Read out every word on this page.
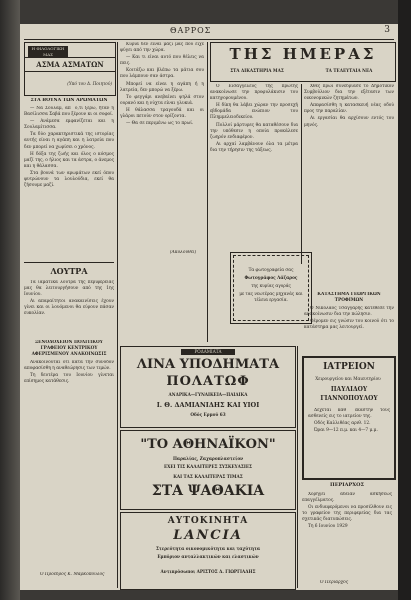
ΘΑΡΡΟΣ	3
Η ΦΙΛΟΛΟΓΙΚΗ ΜΑΣ
ΑΣΜΑ ΑΣΜΑΤΩΝ
(Υπό του Δ. Ποιητού)
ΣΤΑ ΒΟΥΝΑ ΤΩΝ ΑΡΩΜΑΤΩΝ

— Να Σουλάμ, απ᾽ ό,τι ξέρω, ήταν η Βασίλισσα Σαβά που ξέρουν κι οι σοφοί.

— Ανάμεσα εμφανίζεται και η Σουλαμίτισσα.

Τα δύο χαρακτηριστικά της ιστορίας αυτής είναι η αγάπη και η λατρεία που δεν μπορεί να χωρίσει ο χρόνος.

Η δόξα της ζωής και όλος ο κόσμος μαζί της, ο ήλιος και τα άστρα, ο άνεμος και η θάλασσα.

Στα βουνά των αρωμάτων εκεί όπου φυτρώνουν τα λουλούδια, εκεί θα ζήσουμε μαζί.

Κυρία δεν είναι μαζί μας που είχε φύγει από την χώρα.

— Και τι είναι αυτό που θέλεις να πεις.

Κοιτάζω και βλέπω τα μάτια σου που λάμπουν σαν άστρα.

Μπορεί να είναι η αγάπη ή η λατρεία, δεν μπορώ να ξέρω.

Το φεγγάρι ανεβαίνει ψηλά στον ουρανό και η νύχτα είναι γλυκιά.

Η θάλασσα τραγουδά και οι γλάροι πετούν στον ορίζοντα.

— Θα σε περιμένω ως το πρωί.

(Ακολουθεί)
ΤΗΣ ΗΜΕΡΑΣ
ΣΤΑ ΔΙΚΑΣΤΗΡΙΑ ΜΑΣ	ΤΑ ΤΕΛΕΥΤΑΙΑ ΝΕΑ

Ο Εισαγγελεύς της πρώτης ανακοίνωσε την προφυλάκισιν του κατηγορουμένου.

Η δίκη θα λάβει χώραν την προσεχή εβδομάδα ενώπιον του Πλημμελειοδικείου.

Πολλοί μάρτυρες θα καταθέσουν δια την υπόθεσιν η οποία προκάλεσε ζωηρόν ενδιαφέρον.

Αι αρχαί λαμβάνουν όλα τα μέτρα δια την τήρησιν της τάξεως.

Χθες πρωί συνεδρίασε το Δημοτικόν Συμβούλιον δια την εξέτασιν των οικονομικών ζητημάτων.

Απεφασίσθη η κατασκευή νέας οδού προς την παραλίαν.

Αι εργασίαι θα αρχίσουν εντός του μηνός.

Τα φωτογραφεία σας
Φωτογράφος Λάζαρος
της κυρίας αγοράς
με τας νεωτέρας μηχανάς και τέλεια εργασία.
ΚΑΤΑΣΤΗΜΑ ΓΕΩΡΓΙΚΩΝ ΤΡΟΦΙΜΩΝ

Ο Νικόλαος Τσαγγάρης κατέθεσε την ανακοίνωσιν δια την πώλησιν.

Φέρομεν εις γνώσιν του κοινού ότι το κατάστημα μας λειτουργεί.

ΛΟΥΤΡΑ

Τα ιαματικά λουτρά της περιφερείας μας θα λειτουργήσουν από της 1ης Ιουνίου.

Αι απαραίτητοι ανακαινίσεις έχουν γίνει και οι λουόμενοι θα εύρουν πάσαν ευκολίαν.

ΞΕΝΟΔΟΧΕΙΟΝ ΠΟΛΙΤΙΚΟΥ ΓΡΑΦΕΙΟΥ ΚΕΝΤΡΙΚΟΥ ΑΦΕΡΙΣΜΕΝΟΥ ΑΝΑΚΟΙΝΩΣΙΣ

Ανακοινούται ότι κατά την σύνοδον αποφασίσθη η αναθεώρησις των τιμών.

Τη δευτέρα του Ιουνίου γίνεται επίσημος κατάθεσις.

Ο Πρόεδρος Κ. Μαρκόπουλος
ΡΟΔΑΜΙΑΤΑ
ΛΙΝΑ ΥΠΟΔΗΜΑΤΑ
ΠΟΛΑΤΩΦ
ΑΝΔΡΙΚΑ—ΓΥΝΑΙΚΕΙΑ—ΠΑΙΔΙΚΑ
Ι. Θ. ΔΑΜΙΑΝΙΔΗΣ ΚΑΙ ΥΙΟΙ
Οδός Ερμού 63
"ΤΟ ΑΘΗΝΑΪΚΟΝ"
Παραλίας, Ζαχαροπλαστείον
ΕΧΕΙ ΤΙΣ ΚΑΛΛΙΤΕΡΕΣ ΣΥΣΚΕΥΑΣΙΕΣ
ΚΑΙ ΤΑΣ ΚΑΛΛΙΤΕΡΑΣ ΤΙΜΑΣ
ΣΤΑ ΨΑΘΑΚΙΑ
ΑΥΤΟΚΙΝΗΤΑ
LANCIA
Στερεότητα οικονομικότητα και ταχύτητα
Εμπόριον ανταλλακτικών και ελαστικών
Αντιπρόσωποι ΑΡΙΣΤΟΣ Δ. ΓΙΩΡΓΙΑΔΗΣ
ΙΑΤΡΕΙΟΝ
Χειρουργείου και Μαιευτηρίου
ΠΑΥΛΙΔΟΥ
ΓΙΑΝΝΟΠΟΥΛΟΥ

Δέχεται καθ᾽ εκάστην τους ασθενείς εις το ιατρείον της.

Οδός Καλλιθέας αριθ. 12.

Ώραι 9—12 π.μ. και 4—7 μ.μ.

ΠΕΡΙΑΡΧΟΣ

Χορηγεί άδειαν ασκήσεως επαγγέλματος.

Οι ενδιαφερόμενοι να προσέλθουν εις το γραφείον της περιφερείας δια τας σχετικάς διατυπώσεις.

Τη 6 Ιουνίου 1929

Ο Περίαρχος
